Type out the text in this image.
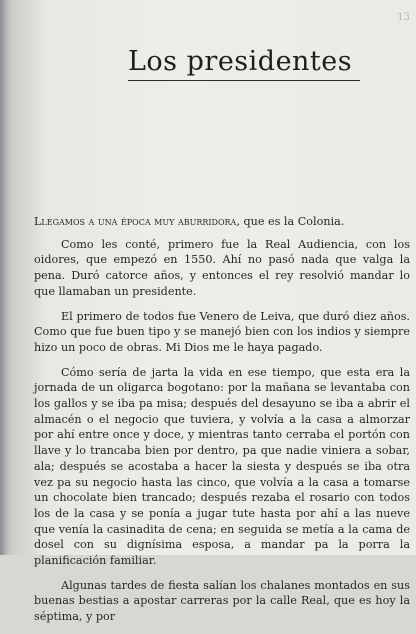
13
Los presidentes

Llegamos a una época muy aburridora, que es la Colonia.

Como les conté, primero fue la Real Audiencia, con los oidores, que empezó en 1550. Ahí no pasó nada que valga la pena. Duró catorce años, y entonces el rey resolvió mandar lo que llamaban un presidente.

El primero de todos fue Venero de Leiva, que duró diez años. Como que fue buen tipo y se manejó bien con los indios y siempre hizo un poco de obras. Mi Dios me le haya pagado.

Cómo sería de jarta la vida en ese tiempo, que esta era la jornada de un oligarca bogotano: por la mañana se levantaba con los gallos y se iba pa misa; después del desayuno se iba a abrir el almacén o el negocio que tuviera, y volvía a la casa a almorzar por ahí entre once y doce, y mientras tanto cerraba el portón con llave y lo trancaba bien por dentro, pa que nadie viniera a sobar, ala; después se acostaba a hacer la siesta y después se iba otra vez pa su negocio hasta las cinco, que volvía a la casa a tomarse un chocolate bien trancado; después rezaba el rosario con todos los de la casa y se ponía a jugar tute hasta por ahí a las nueve que venía la casinadita de cena; en seguida se metía a la cama de dosel con su dignísima esposa, a mandar pa la porra la planificación familiar.

Algunas tardes de fiesta salían los chalanes montados en sus buenas bestias a apostar carreras por la calle Real, que es hoy la séptima, y por
